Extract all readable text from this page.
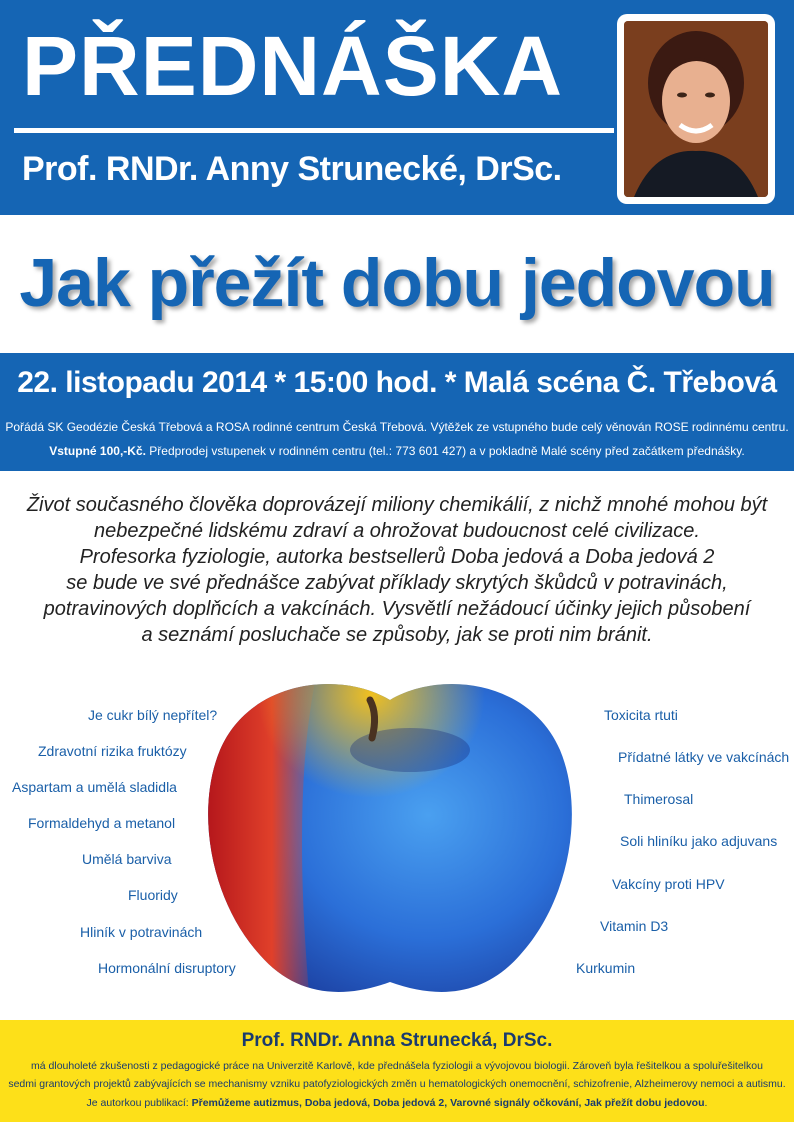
PŘEDNÁŠKA
Prof. RNDr. Anny Strunecké, DrSc.
Jak přežít dobu jedovou
22. listopadu 2014 * 15:00 hod. * Malá scéna Č. Třebová
Pořádá SK Geodézie Česká Třebová a ROSA rodinné centrum Česká Třebová. Výtěžek ze vstupného bude celý věnován ROSE rodinnému centru.
Vstupné 100,-Kč. Předprodej vstupenek v rodinném centru (tel.: 773 601 427) a v pokladně Malé scény před začátkem přednášky.
Život současného člověka doprovázejí miliony chemikálií, z nichž mnohé mohou být
nebezpečné lidskému zdraví a ohrožovat budoucnost celé civilizace.
Profesorka fyziologie, autorka bestsellerů Doba jedová a Doba jedová 2
se bude ve své přednášce zabývat příklady skrytých škůdců v potravinách,
potravinových doplňcích a vakcínách. Vysvětlí nežádoucí účinky jejich působení
a seznámí posluchače se způsoby, jak se proti nim bránit.
Je cukr bílý nepřítel?
Zdravotní rizika fruktózy
Aspartam a umělá sladidla
Formaldehyd a metanol
Umělá barviva
Fluoridy
Hliník v potravinách
Hormonální disruptory
Toxicita rtuti
Přídatné látky ve vakcínách
Thimerosal
Soli hliníku jako adjuvans
Vakcíny proti HPV
Vitamin D3
Kurkumin
Prof. RNDr. Anna Strunecká, DrSc.
má dlouholeté zkušenosti z pedagogické práce na Univerzitě Karlově, kde přednášela fyziologii a vývojovou biologii. Zároveň byla řešitelkou a spoluřešitelkou
sedmi grantových projektů zabývajících se mechanismy vzniku patofyziologických změn u hematologických onemocnění, schizofrenie, Alzheimerovy nemoci a autismu.
Je autorkou publikací: Přemůžeme autizmus, Doba jedová, Doba jedová 2, Varovné signály očkování, Jak přežít dobu jedovou.
